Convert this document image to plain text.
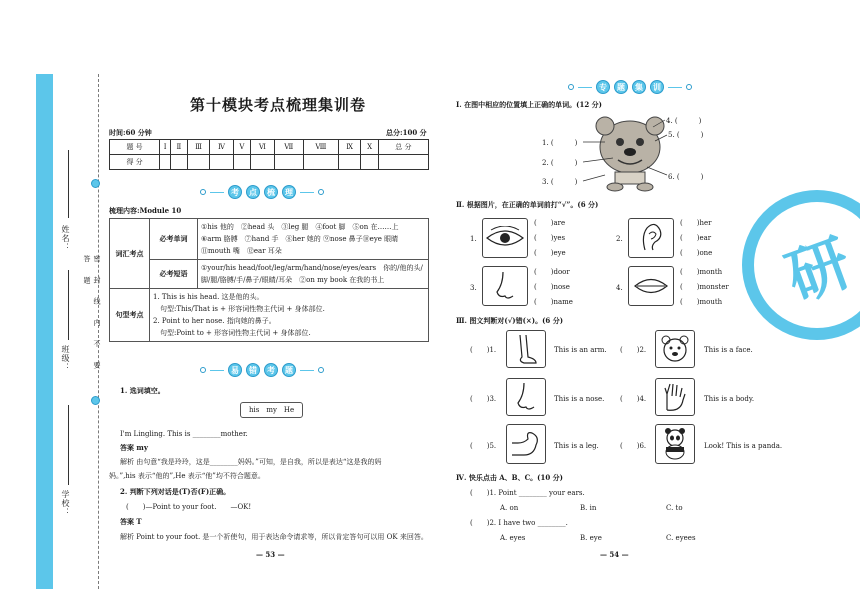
密 封 线 内 不 要 答 题
姓名：
班级：
学校：
第十模块考点梳理集训卷
时间:60 分钟	总分:100 分
题 号	Ⅰ	Ⅱ	Ⅲ	Ⅳ	Ⅴ	Ⅵ	Ⅶ	Ⅷ	Ⅸ	Ⅹ	总 分
得 分											
考	点	梳	理
梳理内容:Module 10
词汇考点	必考单词	①his 他的　②head 头　③leg 腿　④foot 脚　⑤on 在……上
⑥arm 胳膊　⑦hand 手　⑧her 她的 ⑨nose 鼻子⑩eye 眼睛
⑪mouth 嘴　⑫ear 耳朵

	必考短语	①your/his head/foot/leg/arm/hand/nose/eyes/ears　你的/他的头/
脚/腿/胳膊/手/鼻子/眼睛/耳朵　②on my book 在我的书上

句型考点	1. This is his head. 这是他的头。
　句型:This/That is + 形容词性物主代词 + 身体部位.
2. Point to her nose. 指向她的鼻子。
　句型:Point to + 形容词性物主代词 + 身体部位.	
易	错	考	题
1. 选词填空。
his　my　He
I'm Lingling. This is ________mother.
答案 my
解析 由句意“我是玲玲，这是________妈妈。”可知，是自我，所以是表达“这是我的妈
妈。”,his 表示“他的”,He 表示“他”均不符合题意。
2. 判断下列对话是(T)否(F)正确。
(　　)—Point to your foot.　　—OK!
答案 T
解析 Point to your foot. 是一个祈使句，用于表达命令请求等，所以肯定答句可以用 OK 来回答。
— 53 —
专	题	集	训
Ⅰ. 在图中相应的位置填上正确的单词。(12 分)
1. (　　　)
2. (　　　)
3. (　　　)
4. (　　　)
5. (　　　)
6. (　　　)
Ⅱ. 根据图片，在正确的单词前打“√”。(6 分)
1.
(　　)are
(　　)yes
(　　)eye
2.
(　　)her
(　　)ear
(　　)one
3.
(　　)door
(　　)nose
(　　)name
4.
(　　)month
(　　)monster
(　　)mouth
Ⅲ. 图文判断对(√)错(×)。(6 分)
(　　)1.	This is an arm. (　　)2.	This is a face.
(　　)3.	This is a nose. (　　)4.	This is a body.
(　　)5.	This is a leg.	(　　)6.	Look! This is a panda.
Ⅳ. 快乐点击 A、B、C。(10 分)
(　　)1. Point ________ your ears.
A. on	B. in	C. to
(　　)2. I have two ________.
A. eyes	B. eye	C. eyees
— 54 —
研
